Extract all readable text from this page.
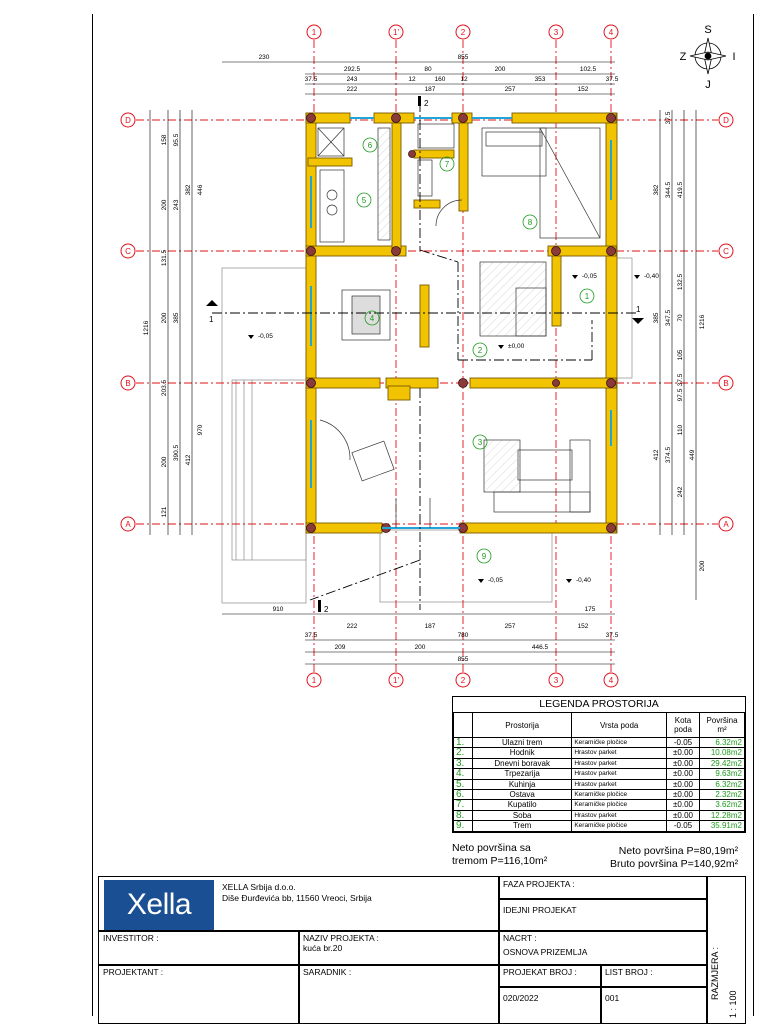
1	1'	2	3	4
1	1'	2	3	4
D
C
B
A
D
C
B
A
230	855
292.5	80	200	102.5
37.5	243	12	160 12	353	37.5
222	187	257	152
910	175
222	187	257	152
780
37.5	37.5
209	200	446.5
855
158 95.5
243
200
131.5
200 385
203.5
390.5
200
121
382 446
1216
412
970
37.5
382 344.5 419.5
385 347.5 70
132.5
105
37.5
97.5
110
412 374.5	449
242
1216
200
1
2
3
4
5
6
7
8
9
-0,05	-0,40
±0,00
-0,05
-0,05	-0,40
1
1
2
2
S
J
Z	I
LEGENDA PROSTORIJA
	Prostorija	Vrsta poda	Kota poda	Površina m²
1.	Ulazni trem	Keramičke pločice	-0.05	6.32m2
2.	Hodnik	Hrastov parket	±0.00	10.08m2
3.	Dnevni boravak	Hrastov parket	±0.00	29.42m2
4.	Trpezarija	Hrastov parket	±0.00	9.63m2
5.	Kuhinja	Hrastov parket	±0.00	6.32m2
6.	Ostava	Keramičke pločice	±0.00	2.32m2
7.	Kupatilo	Keramičke pločice	±0.00	3.62m2
8.	Soba	Hrastov parket	±0.00	12.28m2
9.	Trem	Keramičke pločice	-0.05	35.91m2
Neto površina sa
tremom P=116,10m²
Neto površina P=80,19m²
Bruto površina P=140,92m²
FAZA PROJEKTA :
IDEJNI PROJEKAT
INVESTITOR :	NAZIV PROJEKTA :
kuća br.20
NACRT :
OSNOVA PRIZEMLJA
PROJEKTANT :	SARADNIK :	PROJEKAT BROJ :	LIST BROJ :
020/2022	001
Xella
XELLA Srbija d.o.o.
Diše Đurđevića bb, 11560 Vreoci, Srbija
RAZMJERA :
1 : 100
